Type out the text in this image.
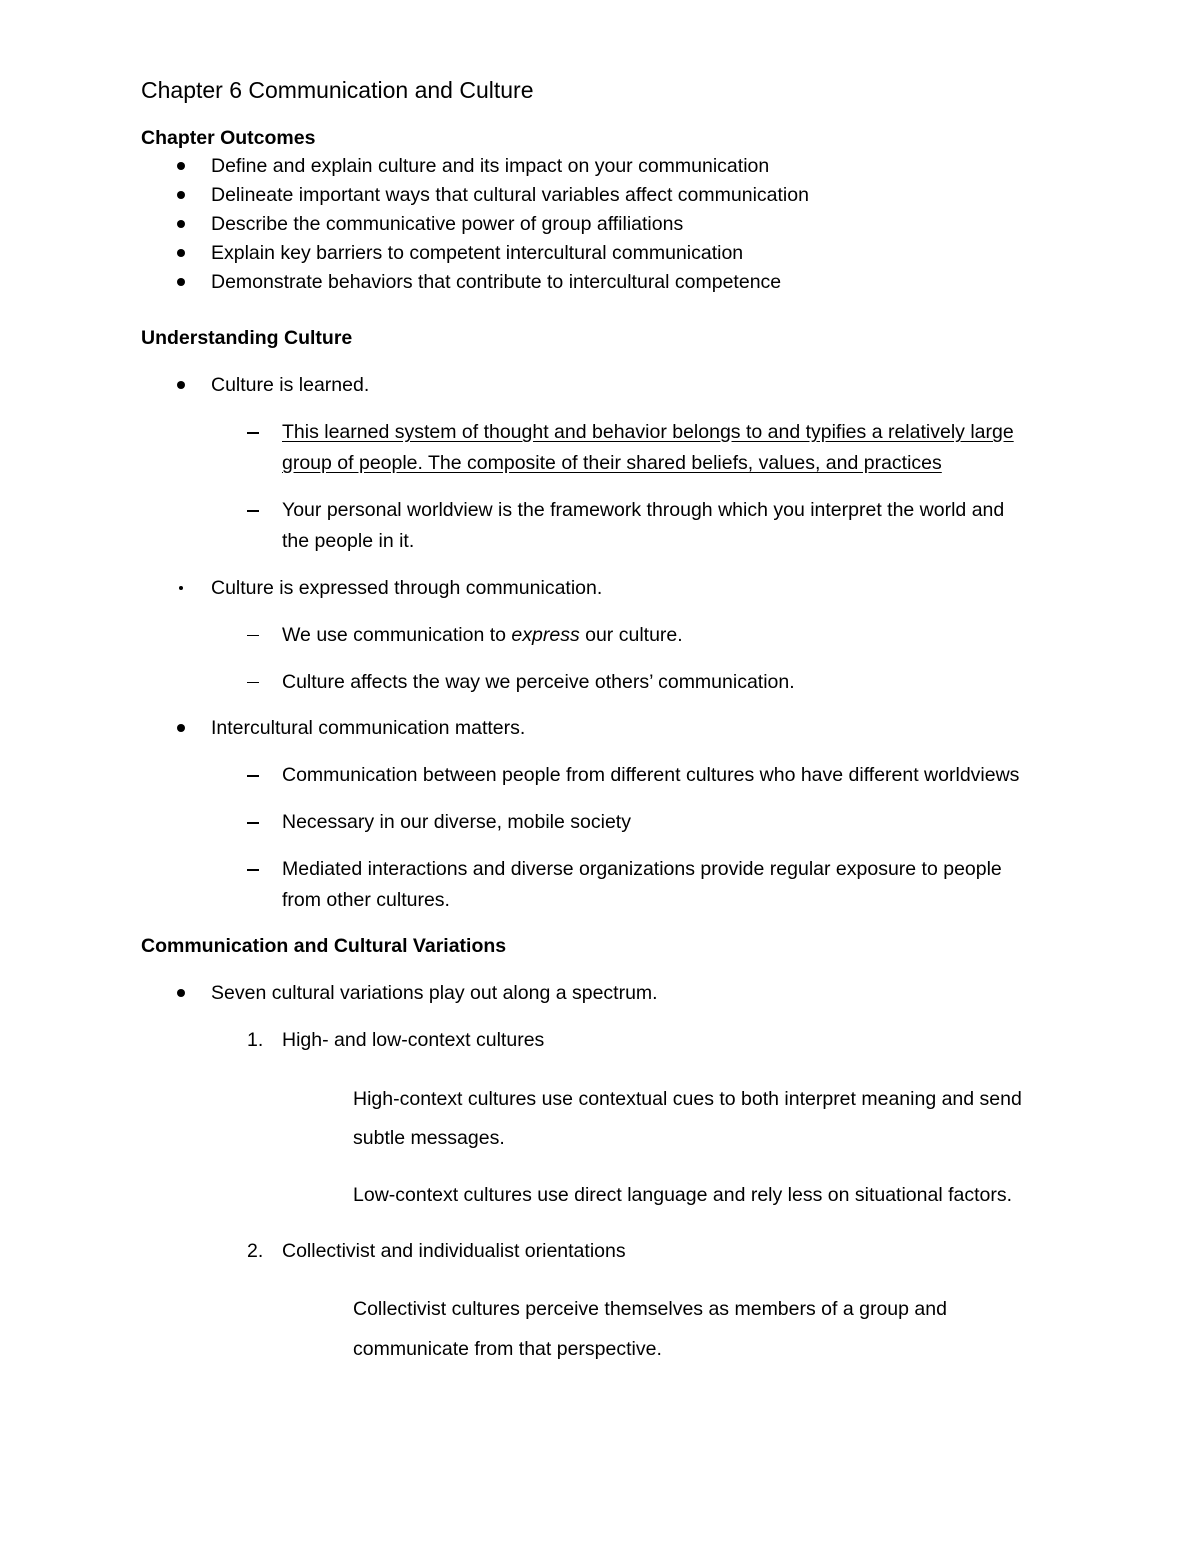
Chapter 6 Communication and Culture
Chapter Outcomes
Define and explain culture and its impact on your communication
Delineate important ways that cultural variables affect communication
Describe the communicative power of group affiliations
Explain key barriers to competent intercultural communication
Demonstrate behaviors that contribute to intercultural competence
Understanding Culture
Culture is learned.
This learned system of thought and behavior belongs to and typifies a relatively large
group of people. The composite of their shared beliefs, values, and practices
Your personal worldview is the framework through which you interpret the world and
the people in it.
Culture is expressed through communication.
We use communication to express our culture.
Culture affects the way we perceive others’ communication.
Intercultural communication matters.
Communication between people from different cultures who have different worldviews
Necessary in our diverse, mobile society
Mediated interactions and diverse organizations provide regular exposure to people
from other cultures.
Communication and Cultural Variations
Seven cultural variations play out along a spectrum.
1. High- and low-context cultures
High-context cultures use contextual cues to both interpret meaning and send
subtle messages.
Low-context cultures use direct language and rely less on situational factors.
2. Collectivist and individualist orientations
Collectivist cultures perceive themselves as members of a group and
communicate from that perspective.
